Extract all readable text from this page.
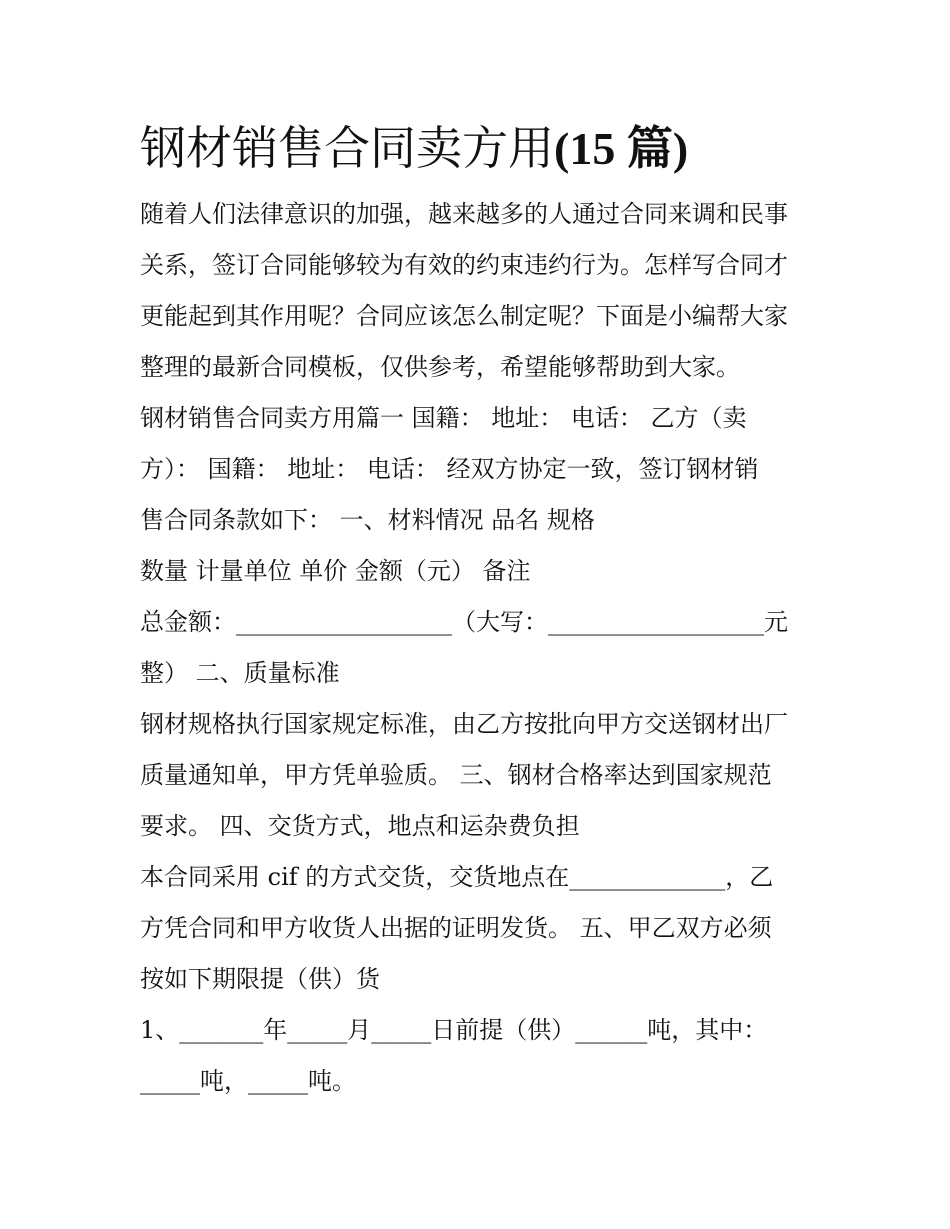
钢材销售合同卖方用(15 篇)
随着人们法律意识的加强，越来越多的人通过合同来调和民事
关系，签订合同能够较为有效的约束违约行为。怎样写合同才
更能起到其作用呢？合同应该怎么制定呢？下面是小编帮大家
整理的最新合同模板，仅供参考，希望能够帮助到大家。
钢材销售合同卖方用篇一 国籍： 地址： 电话： 乙方（卖
方）： 国籍： 地址： 电话： 经双方协定一致，签订钢材销
售合同条款如下： 一、材料情况 品名 规格
数量 计量单位 单价 金额（元） 备注
总金额：__________________（大写：__________________元
整） 二、质量标准
钢材规格执行国家规定标准，由乙方按批向甲方交送钢材出厂
质量通知单，甲方凭单验质。 三、钢材合格率达到国家规范
要求。 四、交货方式，地点和运杂费负担
本合同采用 cif 的方式交货，交货地点在_____________，乙
方凭合同和甲方收货人出据的证明发货。 五、甲乙双方必须
按如下期限提（供）货
1、_______年_____月_____日前提（供）______吨，其中：
_____吨，_____吨。
